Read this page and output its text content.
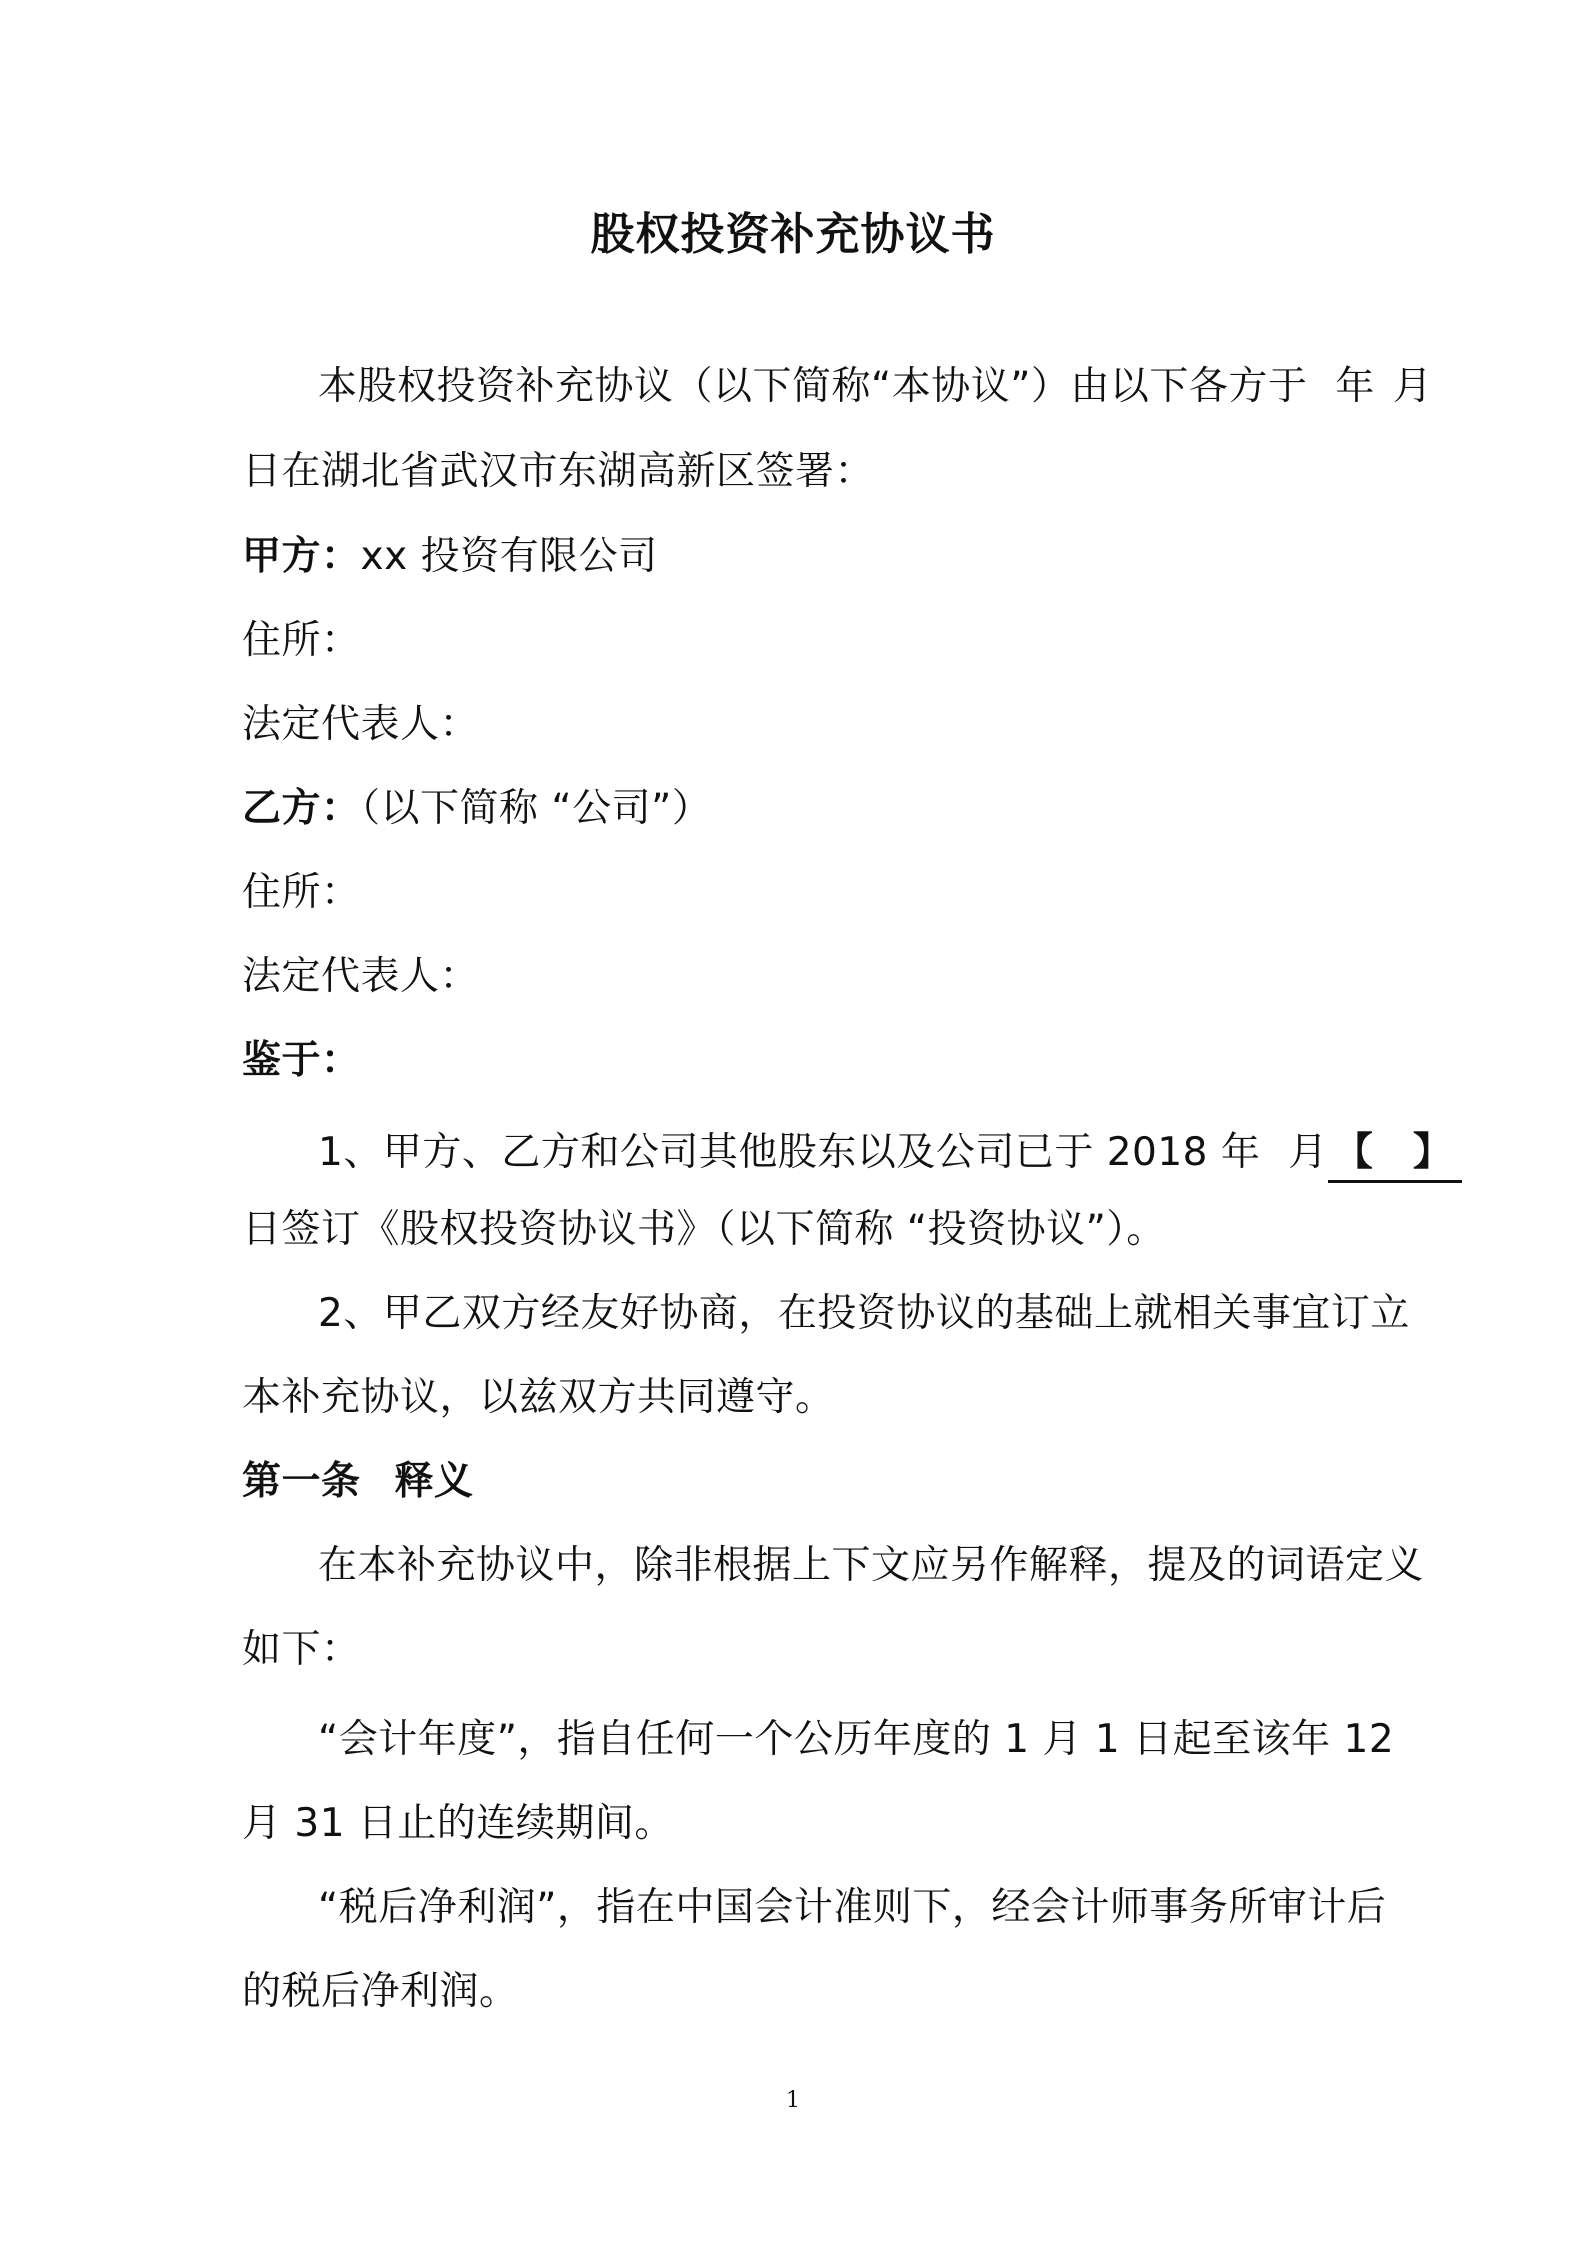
股权投资补充协议书
本股权投资补充协议（以下简称“本协议”）由以下各方于 年 月
日在湖北省武汉市东湖高新区签署：
甲方：xx 投资有限公司
住所：
法定代表人：
乙方：（以下简称 “公司”）
住所：
法定代表人：
鉴于：
1、甲方、乙方和公司其他股东以及公司已于 2018 年 月 【　】
日签订《股权投资协议书》（以下简称 “投资协议”）。
2、甲乙双方经友好协商，在投资协议的基础上就相关事宜订立
本补充协议，以兹双方共同遵守。
第一条 释义
在本补充协议中，除非根据上下文应另作解释，提及的词语定义
如下：
“会计年度”，指自任何一个公历年度的 1 月 1 日起至该年 12
月 31 日止的连续期间。
“税后净利润”，指在中国会计准则下，经会计师事务所审计后
的税后净利润。
1
